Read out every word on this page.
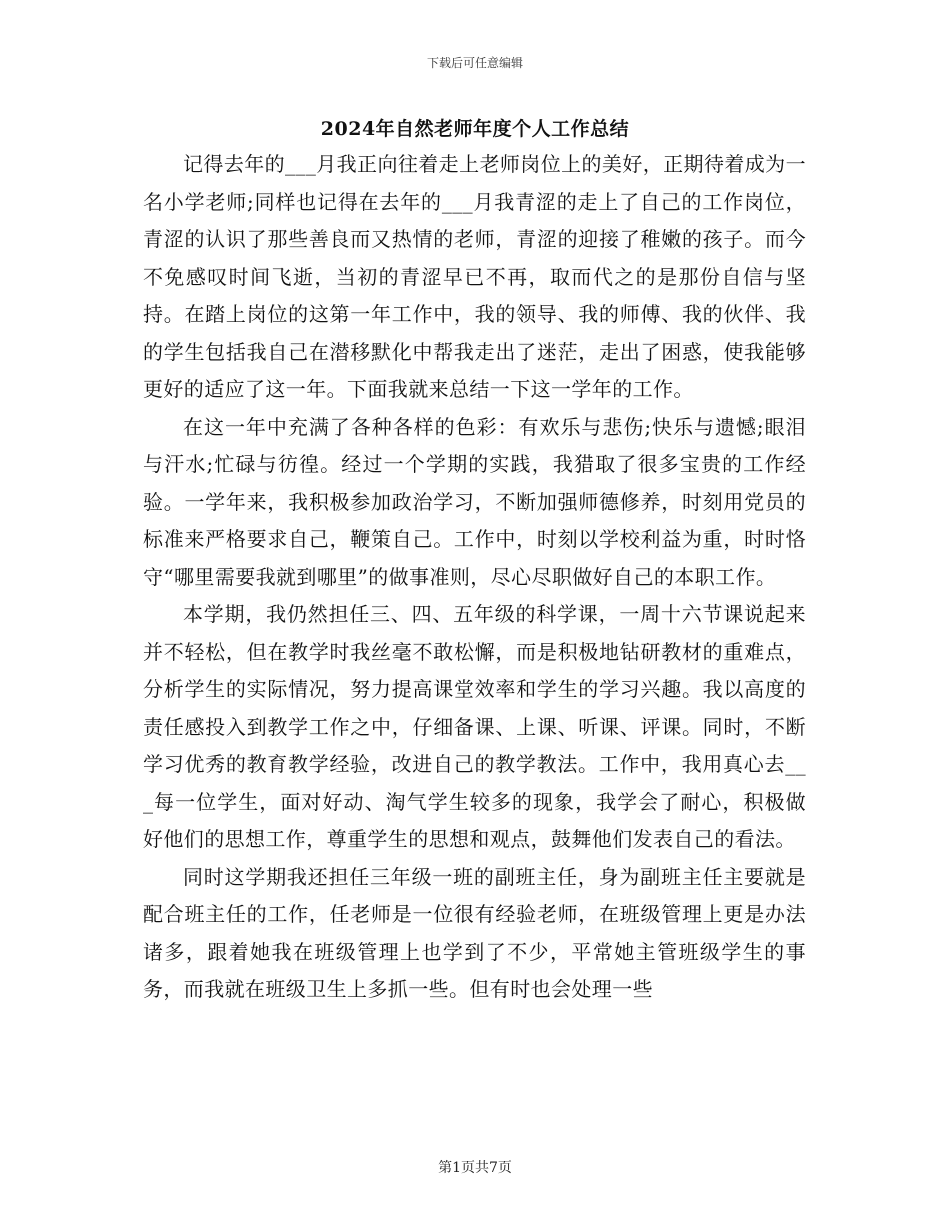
下载后可任意编辑
2024年自然老师年度个人工作总结

记得去年的___月我正向往着走上老师岗位上的美好，正期待着成为一名小学老师;同样也记得在去年的___月我青涩的走上了自己的工作岗位，青涩的认识了那些善良而又热情的老师，青涩的迎接了稚嫩的孩子。而今不免感叹时间飞逝，当初的青涩早已不再，取而代之的是那份自信与坚持。在踏上岗位的这第一年工作中，我的领导、我的师傅、我的伙伴、我的学生包括我自己在潜移默化中帮我走出了迷茫，走出了困惑，使我能够更好的适应了这一年。下面我就来总结一下这一学年的工作。

在这一年中充满了各种各样的色彩：有欢乐与悲伤;快乐与遗憾;眼泪与汗水;忙碌与彷徨。经过一个学期的实践，我猎取了很多宝贵的工作经验。一学年来，我积极参加政治学习，不断加强师德修养，时刻用党员的标准来严格要求自己，鞭策自己。工作中，时刻以学校利益为重，时时恪守“哪里需要我就到哪里”的做事准则，尽心尽职做好自己的本职工作。

本学期，我仍然担任三、四、五年级的科学课，一周十六节课说起来并不轻松，但在教学时我丝毫不敢松懈，而是积极地钻研教材的重难点，分析学生的实际情况，努力提高课堂效率和学生的学习兴趣。我以高度的责任感投入到教学工作之中，仔细备课、上课、听课、评课。同时，不断学习优秀的教育教学经验，改进自己的教学教法。工作中，我用真心去___每一位学生，面对好动、淘气学生较多的现象，我学会了耐心，积极做好他们的思想工作，尊重学生的思想和观点，鼓舞他们发表自己的看法。

同时这学期我还担任三年级一班的副班主任，身为副班主任主要就是配合班主任的工作，任老师是一位很有经验老师，在班级管理上更是办法诸多，跟着她我在班级管理上也学到了不少，平常她主管班级学生的事务，而我就在班级卫生上多抓一些。但有时也会处理一些

第1页共7页
